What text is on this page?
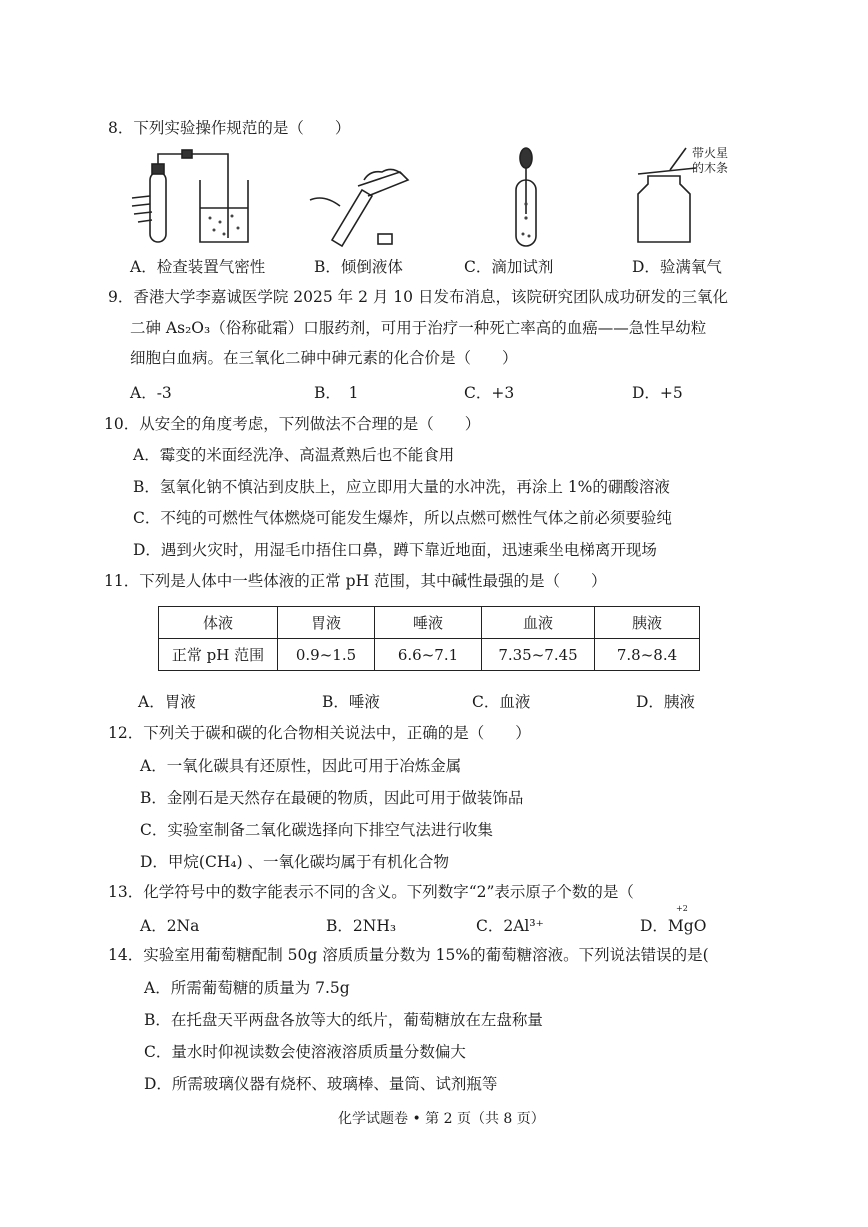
8．下列实验操作规范的是（　　）
带火星
的木条
A．检查装置气密性	B．倾倒液体	C．滴加试剂	D．验满氧气
9．香港大学李嘉诚医学院 2025 年 2 月 10 日发布消息，该院研究团队成功研发的三氧化
二砷 As₂O₃（俗称砒霜）口服药剂，可用于治疗一种死亡率高的血癌——急性早幼粒
细胞白血病。在三氧化二砷中砷元素的化合价是（　　）
A．-3	B．　1	C．+3	D．+5
10．从安全的角度考虑，下列做法不合理的是（　　）
A．霉变的米面经洗净、高温煮熟后也不能食用
B．氢氧化钠不慎沾到皮肤上，应立即用大量的水冲洗，再涂上 1%的硼酸溶液
C．不纯的可燃性气体燃烧可能发生爆炸，所以点燃可燃性气体之前必须要验纯
D．遇到火灾时，用湿毛巾捂住口鼻，蹲下靠近地面，迅速乘坐电梯离开现场
11．下列是人体中一些体液的正常 pH 范围，其中碱性最强的是（　　）
体液	胃液	唾液	血液	胰液
正常 pH 范围	0.9~1.5	6.6~7.1	7.35~7.45	7.8~8.4
A．胃液	B．唾液	C．血液	D．胰液
12．下列关于碳和碳的化合物相关说法中，正确的是（　　）
A．一氧化碳具有还原性，因此可用于冶炼金属
B．金刚石是天然存在最硬的物质，因此可用于做装饰品
C．实验室制备二氧化碳选择向下排空气法进行收集
D．甲烷(CH₄) 、一氧化碳均属于有机化合物
13．化学符号中的数字能表示不同的含义。下列数字“2”表示原子个数的是（
A．2Na	B．2NH₃	C．2Al³⁺	D．MgO
+2
14．实验室用葡萄糖配制 50g 溶质质量分数为 15%的葡萄糖溶液。下列说法错误的是(
A．所需葡萄糖的质量为 7.5g
B．在托盘天平两盘各放等大的纸片，葡萄糖放在左盘称量
C．量水时仰视读数会使溶液溶质质量分数偏大
D．所需玻璃仪器有烧杯、玻璃棒、量筒、试剂瓶等
化学试题卷 • 第 2 页（共 8 页）
